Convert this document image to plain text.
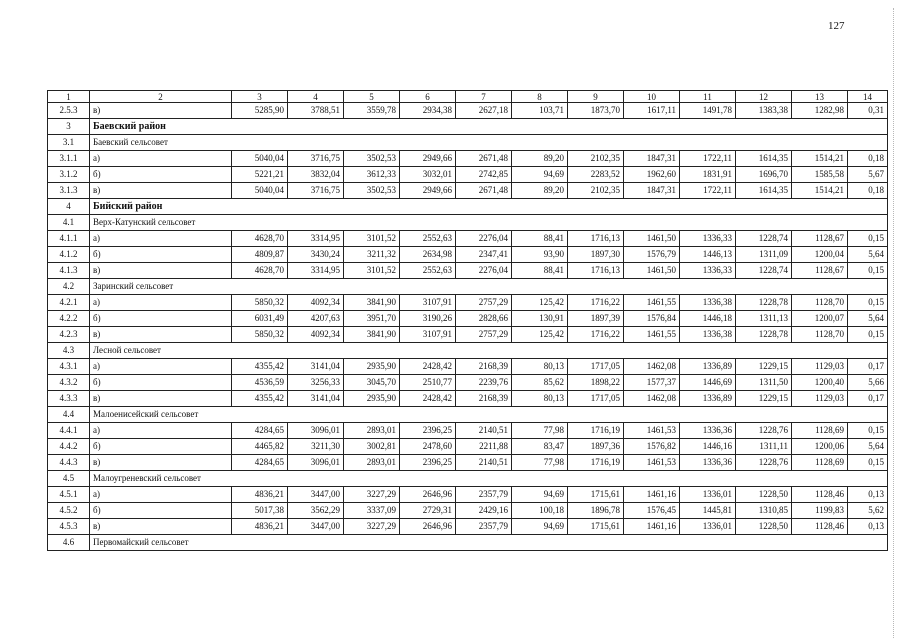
127
1	2	3	4	5	6	7	8	9	10	11	12	13	14
2.5.3	в)	5285,90	3788,51	3559,78	2934,38	2627,18	103,71	1873,70	1617,11	1491,78	1383,38	1282,98	0,31
3	Баевский район												
3.1	Баевский сельсовет												
3.1.1	а)	5040,04	3716,75	3502,53	2949,66	2671,48	89,20	2102,35	1847,31	1722,11	1614,35	1514,21	0,18
3.1.2	б)	5221,21	3832,04	3612,33	3032,01	2742,85	94,69	2283,52	1962,60	1831,91	1696,70	1585,58	5,67
3.1.3	в)	5040,04	3716,75	3502,53	2949,66	2671,48	89,20	2102,35	1847,31	1722,11	1614,35	1514,21	0,18
4	Бийский район												
4.1	Верх-Катунский сельсовет												
4.1.1	а)	4628,70	3314,95	3101,52	2552,63	2276,04	88,41	1716,13	1461,50	1336,33	1228,74	1128,67	0,15
4.1.2	б)	4809,87	3430,24	3211,32	2634,98	2347,41	93,90	1897,30	1576,79	1446,13	1311,09	1200,04	5,64
4.1.3	в)	4628,70	3314,95	3101,52	2552,63	2276,04	88,41	1716,13	1461,50	1336,33	1228,74	1128,67	0,15
4.2	Заринский сельсовет												
4.2.1	а)	5850,32	4092,34	3841,90	3107,91	2757,29	125,42	1716,22	1461,55	1336,38	1228,78	1128,70	0,15
4.2.2	б)	6031,49	4207,63	3951,70	3190,26	2828,66	130,91	1897,39	1576,84	1446,18	1311,13	1200,07	5,64
4.2.3	в)	5850,32	4092,34	3841,90	3107,91	2757,29	125,42	1716,22	1461,55	1336,38	1228,78	1128,70	0,15
4.3	Лесной сельсовет												
4.3.1	а)	4355,42	3141,04	2935,90	2428,42	2168,39	80,13	1717,05	1462,08	1336,89	1229,15	1129,03	0,17
4.3.2	б)	4536,59	3256,33	3045,70	2510,77	2239,76	85,62	1898,22	1577,37	1446,69	1311,50	1200,40	5,66
4.3.3	в)	4355,42	3141,04	2935,90	2428,42	2168,39	80,13	1717,05	1462,08	1336,89	1229,15	1129,03	0,17
4.4	Малоенисейский сельсовет												
4.4.1	а)	4284,65	3096,01	2893,01	2396,25	2140,51	77,98	1716,19	1461,53	1336,36	1228,76	1128,69	0,15
4.4.2	б)	4465,82	3211,30	3002,81	2478,60	2211,88	83,47	1897,36	1576,82	1446,16	1311,11	1200,06	5,64
4.4.3	в)	4284,65	3096,01	2893,01	2396,25	2140,51	77,98	1716,19	1461,53	1336,36	1228,76	1128,69	0,15
4.5	Малоугреневский сельсовет												
4.5.1	а)	4836,21	3447,00	3227,29	2646,96	2357,79	94,69	1715,61	1461,16	1336,01	1228,50	1128,46	0,13
4.5.2	б)	5017,38	3562,29	3337,09	2729,31	2429,16	100,18	1896,78	1576,45	1445,81	1310,85	1199,83	5,62
4.5.3	в)	4836,21	3447,00	3227,29	2646,96	2357,79	94,69	1715,61	1461,16	1336,01	1228,50	1128,46	0,13
4.6	Первомайский сельсовет												
